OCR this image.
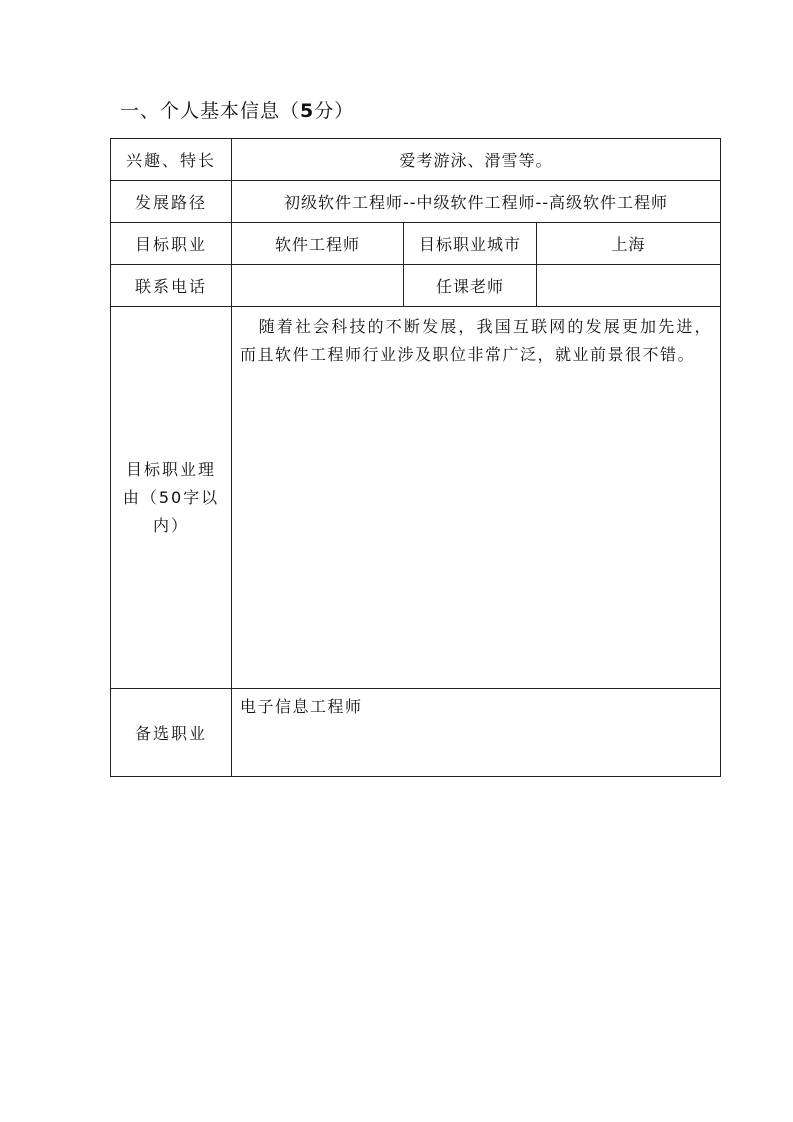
一、个人基本信息（5分）
兴趣、特长	爱考游泳、滑雪等。		
发展路径	初级软件工程师--中级软件工程师--高级软件工程师		
目标职业	软件工程师	目标职业城市	上海
联系电话		任课老师	

目标职业理
由（50字以
内）	随着社会科技的不断发展，我国互联网的发展更加先进，而且软件工程师行业涉及职位非常广泛，就业前景很不错。		
备选职业	电子信息工程师		
